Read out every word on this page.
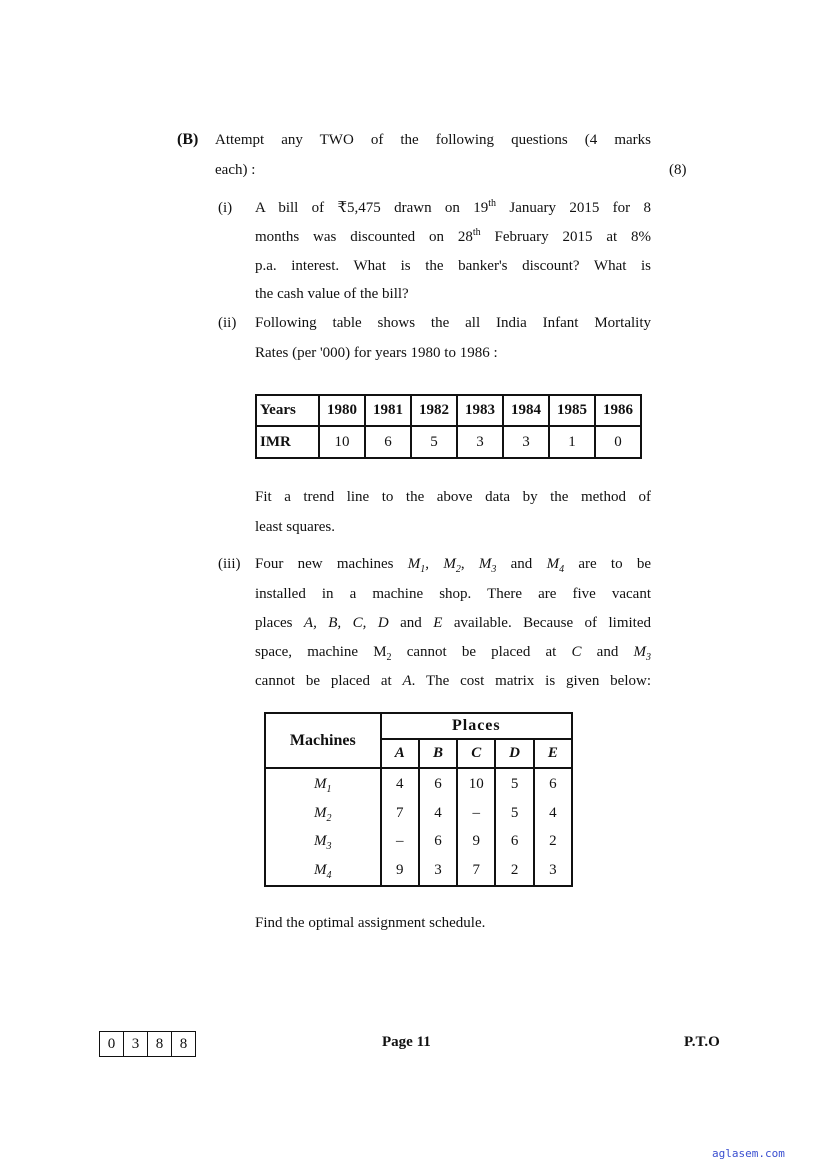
(B) Attempt any TWO of the following questions (4 marks
each) :	(8)
(i) A bill of ₹5,475 drawn on 19th January 2015 for 8
months was discounted on 28th February 2015 at 8%
p.a. interest. What is the banker's discount? What is
the cash value of the bill?
(ii) Following table shows the all India Infant Mortality
Rates (per '000) for years 1980 to 1986 :
Years	1980	1981	1982	1983	1984	1985	1986
IMR	10	6	5	3	3	1	0
Fit a trend line to the above data by the method of
least squares.
(iii) Four new machines $M_1$, $M_2$, $M_3$ and $M_4$ are to be
installed in a machine shop. There are five vacant
places A, B, C, D and E available. Because of limited
space, machine $M_2$ cannot be placed at C and $M_3$
cannot be placed at A. The cost matrix is given below:
Machines	Places				
	A	B	C	D	E
$M_1$	4	6	10	5	6
$M_2$	7	4	–	5	4
$M_3$	–	6	9	6	2
$M_4$	9	3	7	2	3
Find the optimal assignment schedule.
0	3	8	8	Page 11	P.T.O
aglasem.com
